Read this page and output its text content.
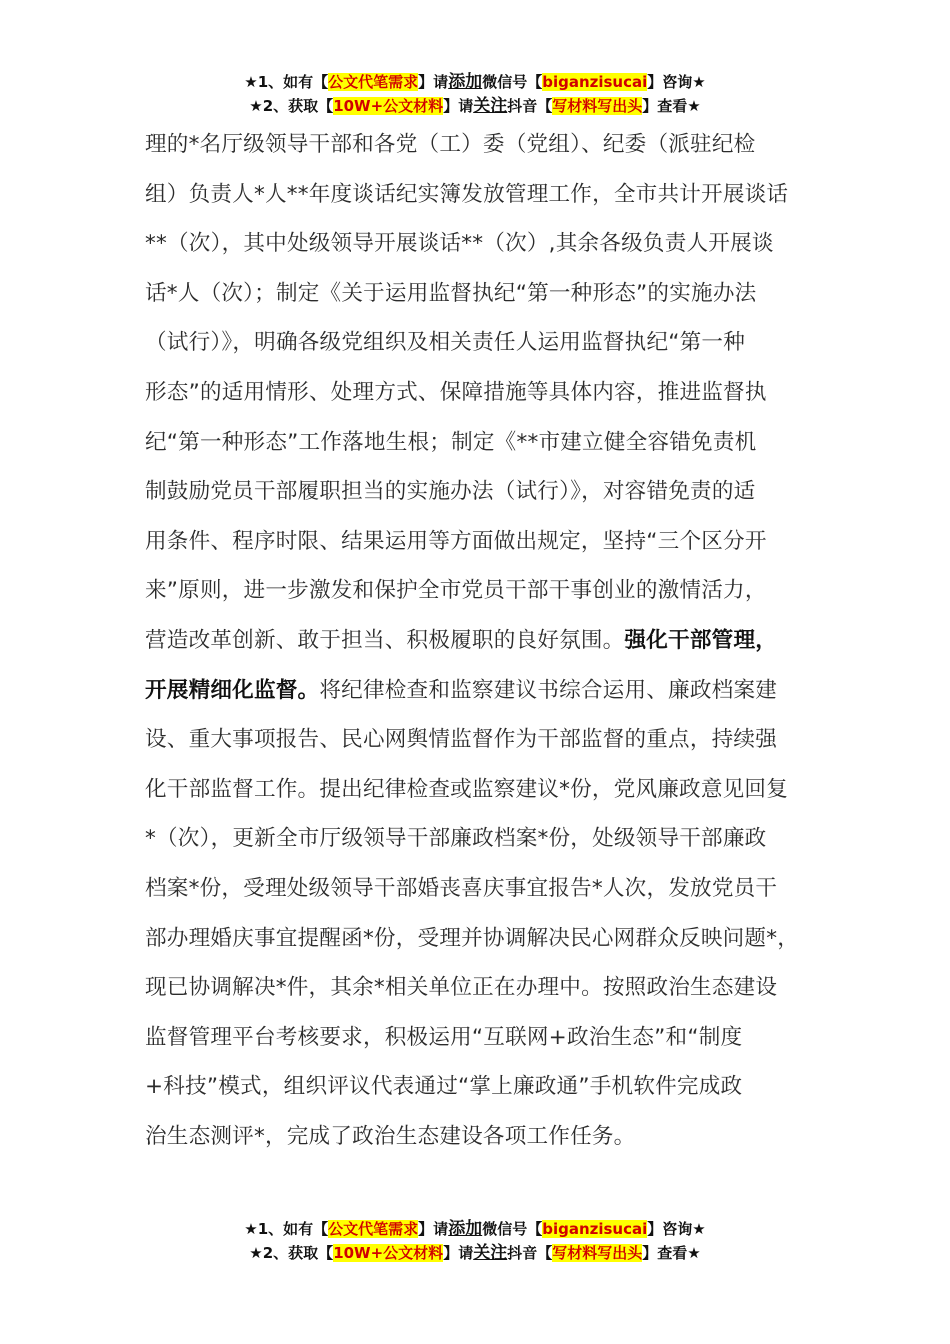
★1、如有【公文代笔需求】请添加微信号【biganzisucai】咨询★
★2、获取【10W+公文材料】请关注抖音【写材料写出头】查看★
理的*名厅级领导干部和各党（工）委（党组）、纪委（派驻纪检
组）负责人*人**年度谈话纪实簿发放管理工作，全市共计开展谈话
**（次），其中处级领导开展谈话**（次）,其余各级负责人开展谈
话*人（次）；制定《关于运用监督执纪“第一种形态”的实施办法
（试行）》，明确各级党组织及相关责任人运用监督执纪“第一种
形态”的适用情形、处理方式、保障措施等具体内容，推进监督执
纪“第一种形态”工作落地生根；制定《**市建立健全容错免责机
制鼓励党员干部履职担当的实施办法（试行）》，对容错免责的适
用条件、程序时限、结果运用等方面做出规定，坚持“三个区分开
来”原则，进一步激发和保护全市党员干部干事创业的激情活力，
营造改革创新、敢于担当、积极履职的良好氛围。强化干部管理，
开展精细化监督。将纪律检查和监察建议书综合运用、廉政档案建
设、重大事项报告、民心网舆情监督作为干部监督的重点，持续强
化干部监督工作。提出纪律检查或监察建议*份，党风廉政意见回复
*（次），更新全市厅级领导干部廉政档案*份，处级领导干部廉政
档案*份，受理处级领导干部婚丧喜庆事宜报告*人次，发放党员干
部办理婚庆事宜提醒函*份，受理并协调解决民心网群众反映问题*，
现已协调解决*件，其余*相关单位正在办理中。按照政治生态建设
监督管理平台考核要求，积极运用“互联网+政治生态”和“制度
+科技”模式，组织评议代表通过“掌上廉政通”手机软件完成政
治生态测评*，完成了政治生态建设各项工作任务。
★1、如有【公文代笔需求】请添加微信号【biganzisucai】咨询★
★2、获取【10W+公文材料】请关注抖音【写材料写出头】查看★
